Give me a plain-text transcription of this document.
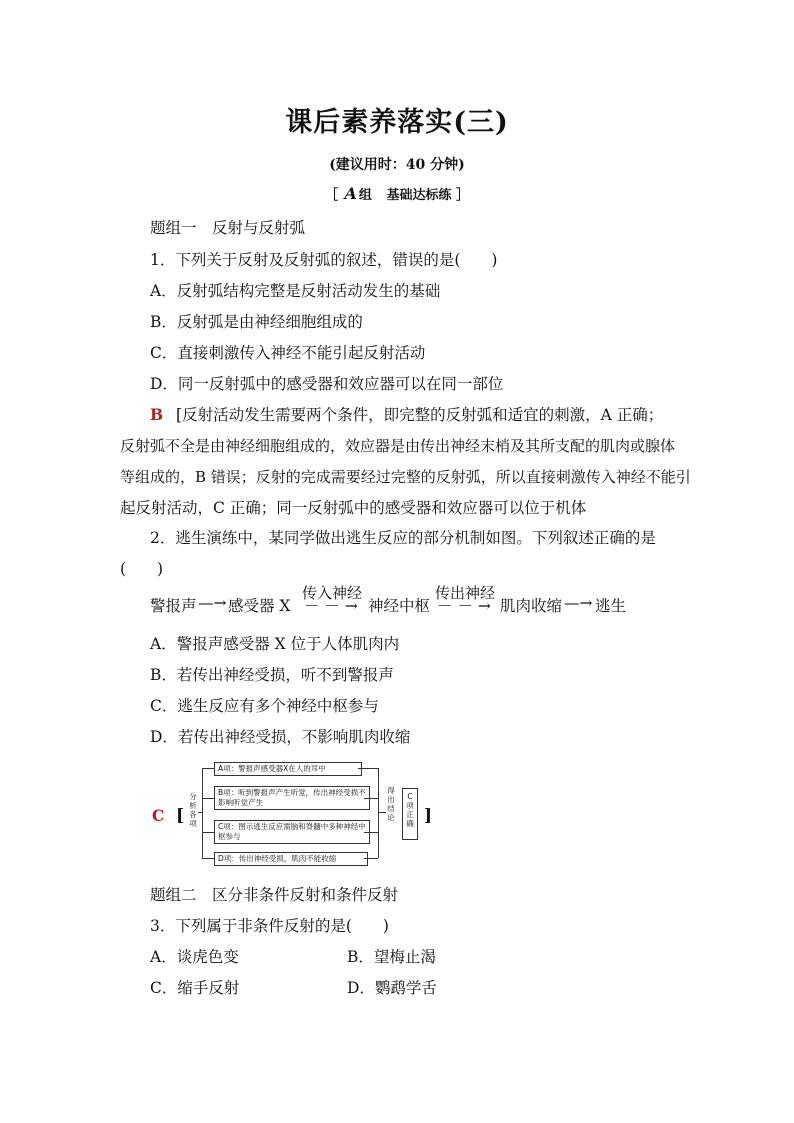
课后素养落实(三)
(建议用时：40 分钟)
［ A 组 基础达标练 ］
题组一　反射与反射弧
1．下列关于反射及反射弧的叙述，错误的是(　　)
A．反射弧结构完整是反射活动发生的基础
B．反射弧是由神经细胞组成的
C．直接刺激传入神经不能引起反射活动
D．同一反射弧中的感受器和效应器可以在同一部位
B [反射活动发生需要两个条件，即完整的反射弧和适宜的刺激，A 正确；
反射弧不全是由神经细胞组成的，效应器是由传出神经末梢及其所支配的肌肉或腺体
等组成的，B 错误；反射的完成需要经过完整的反射弧，所以直接刺激传入神经不能引
起反射活动，C 正确；同一反射弧中的感受器和效应器可以位于机体
2．逃生演练中，某同学做出逃生反应的部分机制如图。下列叙述正确的是
(　　)
警报声 —→ 感受器 X
传入神经
－ － → 神经中枢
传出神经
－ － → 肌肉收缩 —→ 逃生
A．警报声感受器 X 位于人体肌肉内
B．若传出神经受损，听不到警报声
C．逃生反应有多个神经中枢参与
D．若传出神经受损，不影响肌肉收缩
C [	]
分析各项
A项：警报声感受器X在人的耳中
B项：听到警报声产生听觉，传出神经受损不影响听觉产生
C项：图示逃生反应需脑和脊髓中多种神经中枢参与
D项：传出神经受损，肌肉不能收缩
得出结论
C项正确
题组二　区分非条件反射和条件反射
3．下列属于非条件反射的是(　　)
A．谈虎色变	B．望梅止渴
C．缩手反射	D．鹦鹉学舌
